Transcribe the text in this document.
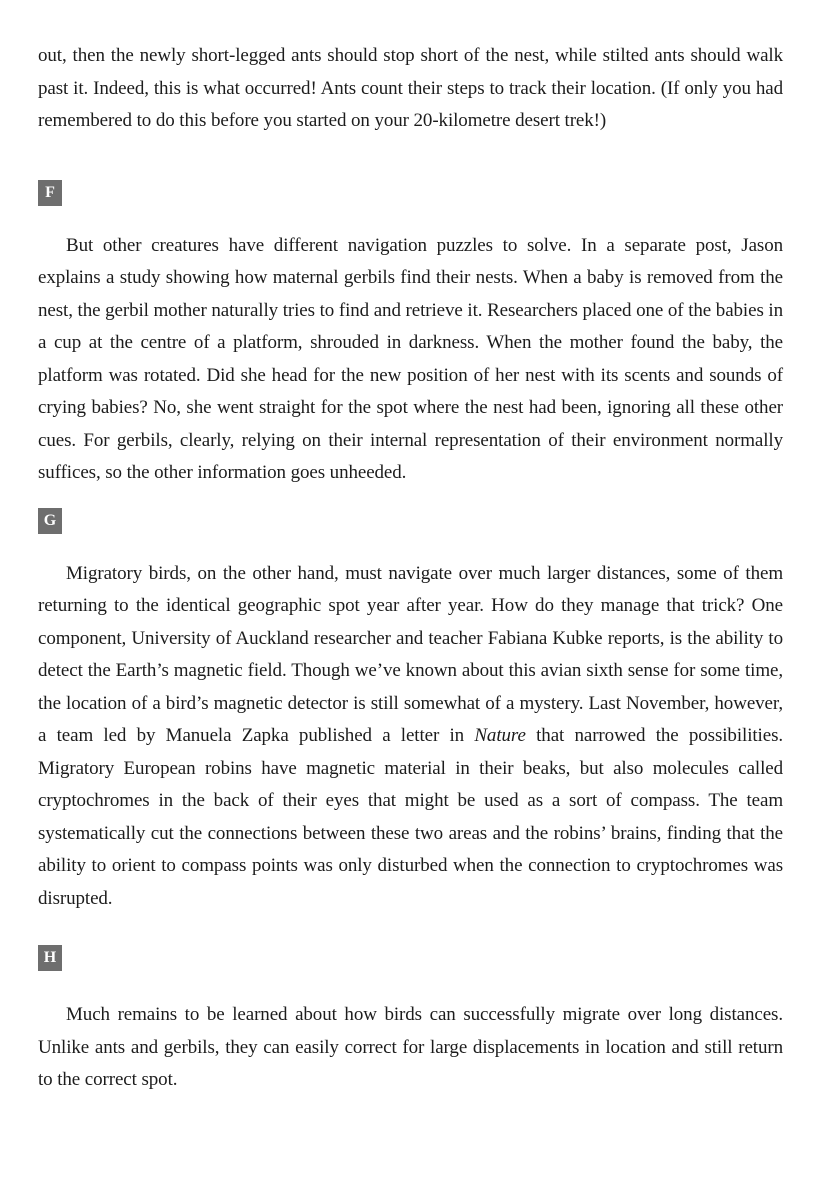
out, then the newly short-legged ants should stop short of the nest, while stilted ants should walk past it. Indeed, this is what occurred! Ants count their steps to track their location. (If only you had remembered to do this before you started on your 20-kilometre desert trek!)

F

But other creatures have different navigation puzzles to solve. In a separate post, Jason explains a study showing how maternal gerbils find their nests. When a baby is removed from the nest, the gerbil mother naturally tries to find and retrieve it. Researchers placed one of the babies in a cup at the centre of a platform, shrouded in darkness. When the mother found the baby, the platform was rotated. Did she head for the new position of her nest with its scents and sounds of crying babies? No, she went straight for the spot where the nest had been, ignoring all these other cues. For gerbils, clearly, relying on their internal representation of their environment normally suffices, so the other information goes unheeded.

G

Migratory birds, on the other hand, must navigate over much larger distances, some of them returning to the identical geographic spot year after year. How do they manage that trick? One component, University of Auckland researcher and teacher Fabiana Kubke reports, is the ability to detect the Earth’s magnetic field. Though we’ve known about this avian sixth sense for some time, the location of a bird’s magnetic detector is still somewhat of a mystery. Last November, however, a team led by Manuela Zapka published a letter in Nature that narrowed the possibilities. Migratory European robins have magnetic material in their beaks, but also molecules called cryptochromes in the back of their eyes that might be used as a sort of compass. The team systematically cut the connections between these two areas and the robins’ brains, finding that the ability to orient to compass points was only disturbed when the connection to cryptochromes was disrupted.

H

Much remains to be learned about how birds can successfully migrate over long distances. Unlike ants and gerbils, they can easily correct for large displacements in location and still return to the correct spot.
